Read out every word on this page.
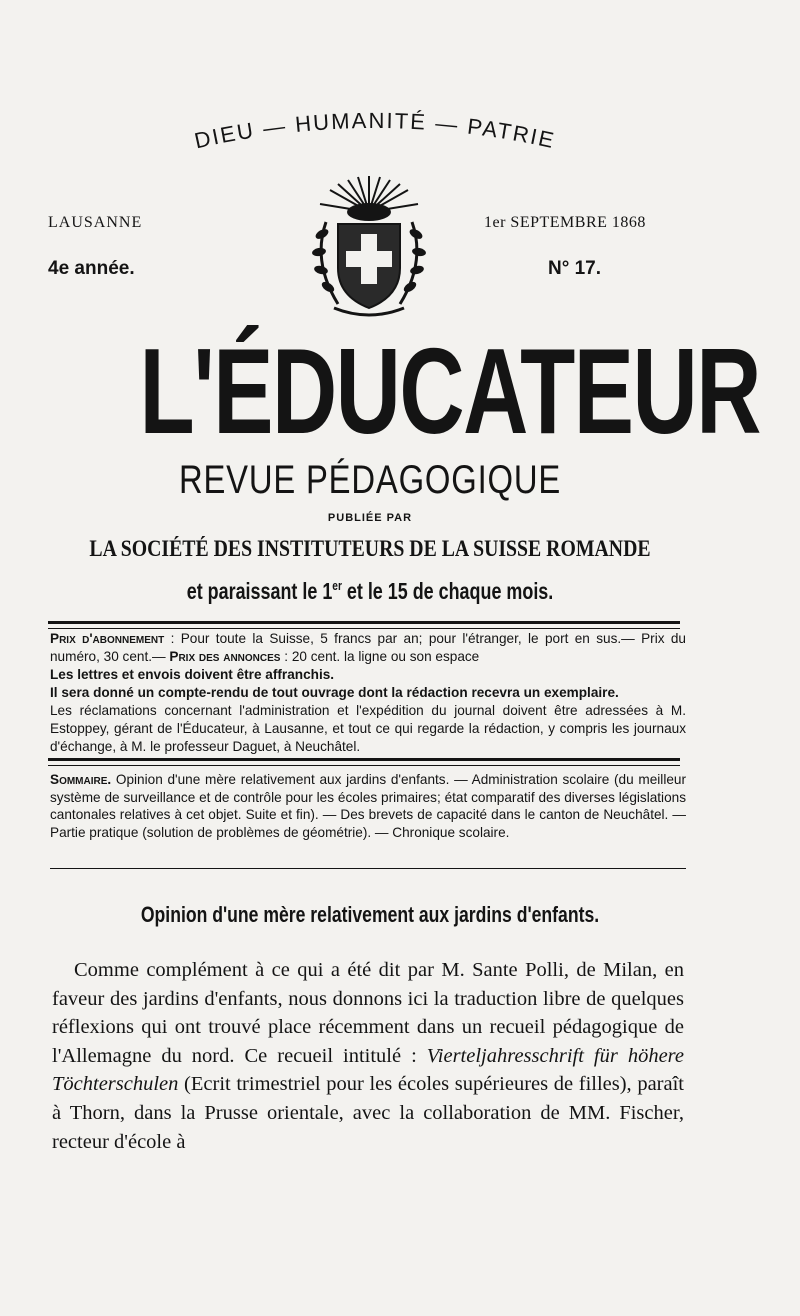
DIEU — HUMANITÉ — PATRIE
LAUSANNE
4e année.
1er SEPTEMBRE 1868
N° 17.
L'ÉDUCATEUR
REVUE PÉDAGOGIQUE
PUBLIÉE PAR
LA SOCIÉTÉ DES INSTITUTEURS DE LA SUISSE ROMANDE
et paraissant le 1er et le 15 de chaque mois.

Prix d'abonnement : Pour toute la Suisse, 5 francs par an; pour l'étranger, le port en sus.— Prix du numéro, 30 cent.— Prix des annonces : 20 cent. la ligne ou son espace

Les lettres et envois doivent être affranchis.

Il sera donné un compte-rendu de tout ouvrage dont la rédaction recevra un exemplaire.

Les réclamations concernant l'administration et l'expédition du journal doivent être adressées à M. Estoppey, gérant de l'Éducateur, à Lausanne, et tout ce qui regarde la rédaction, y compris les journaux d'échange, à M. le professeur Daguet, à Neuchâtel.

Sommaire. Opinion d'une mère relativement aux jardins d'enfants. — Administration scolaire (du meilleur système de surveillance et de contrôle pour les écoles primaires; état comparatif des diverses législations cantonales relatives à cet objet. Suite et fin). — Des brevets de capacité dans le canton de Neuchâtel. — Partie pratique (solution de problèmes de géométrie). — Chronique scolaire.
Opinion d'une mère relativement aux jardins d'enfants.

Comme complément à ce qui a été dit par M. Sante Polli, de Milan, en faveur des jardins d'enfants, nous donnons ici la traduction libre de quelques réflexions qui ont trouvé place récemment dans un recueil pédagogique de l'Allemagne du nord. Ce recueil intitulé : Vierteljahresschrift für höhere Töchterschulen (Ecrit trimestriel pour les écoles supérieures de filles), paraît à Thorn, dans la Prusse orientale, avec la collaboration de MM. Fischer, recteur d'école à
